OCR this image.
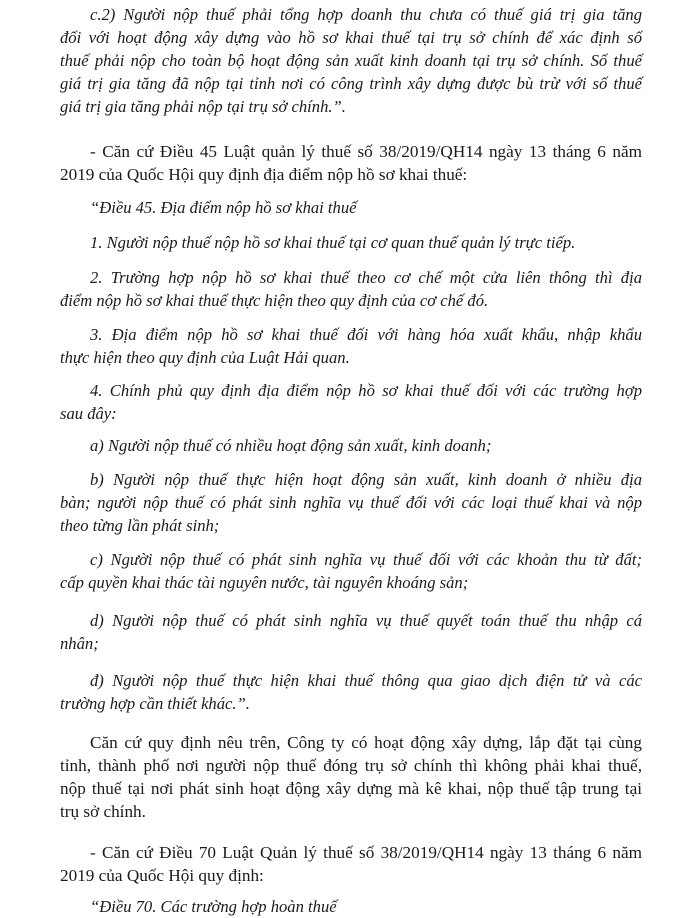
c.2) Người nộp thuế phải tổng hợp doanh thu chưa có thuế giá trị gia tăng
đối với hoạt động xây dựng vào hồ sơ khai thuế tại trụ sở chính để xác định số
thuế phải nộp cho toàn bộ hoạt động sản xuất kinh doanh tại trụ sở chính. Số thuế
giá trị gia tăng đã nộp tại tỉnh nơi có công trình xây dựng được bù trừ với số thuế
giá trị gia tăng phải nộp tại trụ sở chính.”.
- Căn cứ Điều 45 Luật quản lý thuế số 38/2019/QH14 ngày 13 tháng 6 năm
2019 của Quốc Hội quy định địa điểm nộp hồ sơ khai thuế:
“Điều 45. Địa điểm nộp hồ sơ khai thuế
1. Người nộp thuế nộp hồ sơ khai thuế tại cơ quan thuế quản lý trực tiếp.
2. Trường hợp nộp hồ sơ khai thuế theo cơ chế một cửa liên thông thì địa
điểm nộp hồ sơ khai thuế thực hiện theo quy định của cơ chế đó.
3. Địa điểm nộp hồ sơ khai thuế đối với hàng hóa xuất khẩu, nhập khẩu
thực hiện theo quy định của Luật Hải quan.
4. Chính phủ quy định địa điểm nộp hồ sơ khai thuế đối với các trường hợp
sau đây:
a) Người nộp thuế có nhiều hoạt động sản xuất, kinh doanh;
b) Người nộp thuế thực hiện hoạt động sản xuất, kinh doanh ở nhiều địa
bàn; người nộp thuế có phát sinh nghĩa vụ thuế đối với các loại thuế khai và nộp
theo từng lần phát sinh;
c) Người nộp thuế có phát sinh nghĩa vụ thuế đối với các khoản thu từ đất;
cấp quyền khai thác tài nguyên nước, tài nguyên khoáng sản;
d) Người nộp thuế có phát sinh nghĩa vụ thuế quyết toán thuế thu nhập cá
nhân;
đ) Người nộp thuế thực hiện khai thuế thông qua giao dịch điện tử và các
trường hợp cần thiết khác.”.
Căn cứ quy định nêu trên, Công ty có hoạt động xây dựng, lắp đặt tại cùng
tỉnh, thành phố nơi người nộp thuế đóng trụ sở chính thì không phải khai thuế,
nộp thuế tại nơi phát sinh hoạt động xây dựng mà kê khai, nộp thuế tập trung tại
trụ sở chính.
- Căn cứ Điều 70 Luật Quản lý thuế số 38/2019/QH14 ngày 13 tháng 6 năm
2019 của Quốc Hội quy định:
“Điều 70. Các trường hợp hoàn thuế
